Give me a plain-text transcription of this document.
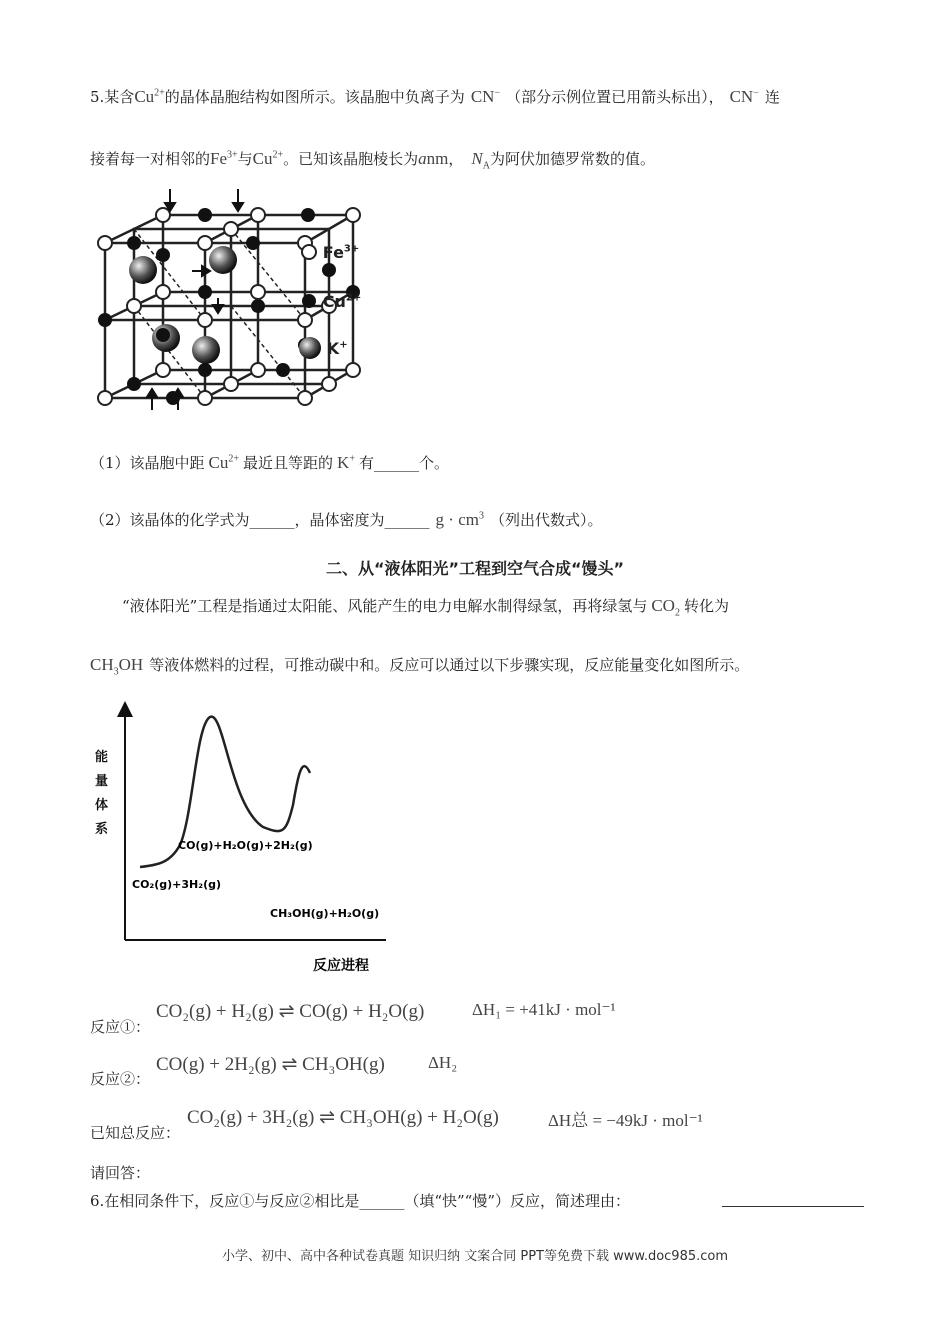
5.某含$Cu^{2+}$的晶体晶胞结构如图所示。该晶胞中负离子为 CN− （部分示例位置已用箭头标出）， CN− 连
接着每一对相邻的$Fe^{3+}$与$Cu^{2+}$。已知该晶胞棱长为anm， $N_A$为阿伏加德罗常数的值。
$Fe^{3+}$
$Cu^{2+}$
K+
（1）该晶胞中距 $Cu^{2+}$ 最近且等距的 K+ 有______个。
（2）该晶体的化学式为______，晶体密度为______ $g \cdot cm^3$ （列出代数式）。
二、从“液体阳光”工程到空气合成“馒头”
“液体阳光”工程是指通过太阳能、风能产生的电力电解水制得绿氢，再将绿氢与 $CO_2$ 转化为
$CH_3OH$ 等液体燃料的过程，可推动碳中和。反应可以通过以下步骤实现，反应能量变化如图所示。
能
量
体
系
CO(g)+H₂O(g)+2H₂(g)
CO₂(g)+3H₂(g)
CH₃OH(g)+H₂O(g)
反应进程
反应①：
CO₂(g) + H₂(g) ⇌ CO(g) + H₂O(g)	ΔH₁ = +41kJ · mol⁻¹
反应②：
CO(g) + 2H₂(g) ⇌ CH₃OH(g)	ΔH₂
已知总反应：
CO₂(g) + 3H₂(g) ⇌ CH₃OH(g) + H₂O(g)	ΔH总 = −49kJ · mol⁻¹
请回答：
6.在相同条件下，反应①与反应②相比是______（填“快”“慢”）反应，简述理由：
小学、初中、高中各种试卷真题 知识归纳 文案合同 PPT等免费下载 www.doc985.com
